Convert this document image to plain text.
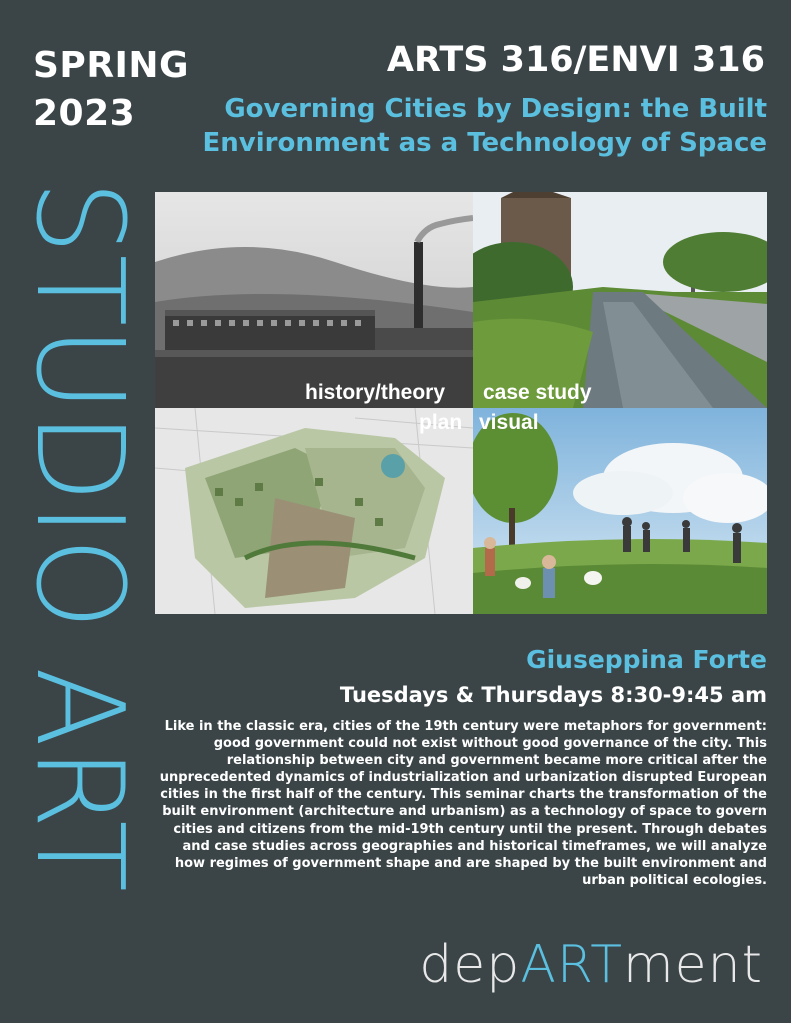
SPRING
2023
ARTS 316/ENVI 316
Governing Cities by Design: the Built Environment as a Technology of Space
STUDIO ART	history/theory case study
plan visual
Giuseppina Forte
Tuesdays & Thursdays 8:30-9:45 am
Like in the classic era, cities of the 19th century were metaphors for government: good government could not exist without good governance of the city. This relationship between city and government became more critical after the unprecedented dynamics of industrialization and urbanization disrupted European cities in the first half of the century. This seminar charts the transformation of the built environment (architecture and urbanism) as a technology of space to govern cities and citizens from the mid-19th century until the present. Through debates and case studies across geographies and historical timeframes, we will analyze how regimes of government shape and are shaped by the built environment and urban political ecologies.
depARTment
